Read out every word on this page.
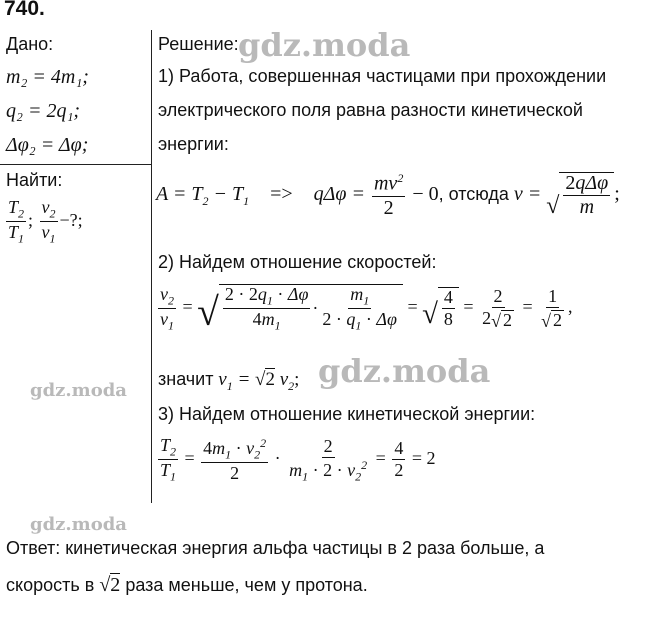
740.
Дано:
m₂ = 4m₁;
q₂ = 2q₁;
Δφ₂ = Δφ;
Найти:
$\frac{T_2}{T_1}$ ; $\frac{v_2}{v_1}$ −?;
Решение:
1) Работа, совершенная частицами при прохождении
электрического поля равна разности кинетической
энергии:
$A = T_2 - T_1 => q\Delta\varphi = \frac{mv^2}{2} - 0$, отсюда v = √ $\frac{\text{2qΔφ}}{m}$ ;
2) Найдем отношение скоростей:
$\frac{v_2}{v_1}$ = √ $\frac{2 \cdot 2q_1 \cdot \Delta\varphi}{4m_1} \cdot \frac{m_1}{2 \cdot q_1 \cdot \Delta\varphi}$ = √ $\frac{4}{8} = \frac{2}{2 √ 2} = \frac{1}{√ 2}$ ,
значит $v_1 = √2$ $v_2$;
3) Найдем отношение кинетической энергии:
$\frac{T_2}{T_1} = \frac{4m_1 \cdot v_2^2}{2} \cdot \frac{2}{m_1 \cdot 2 \cdot v_2^2} = \frac{4}{2} = 2$
Ответ: кинетическая энергия альфа частицы в 2 раза больше, а
скорость в √2 раза меньше, чем у протона.
gdz.moda
gdz.moda
gdz.moda
gdz.moda
